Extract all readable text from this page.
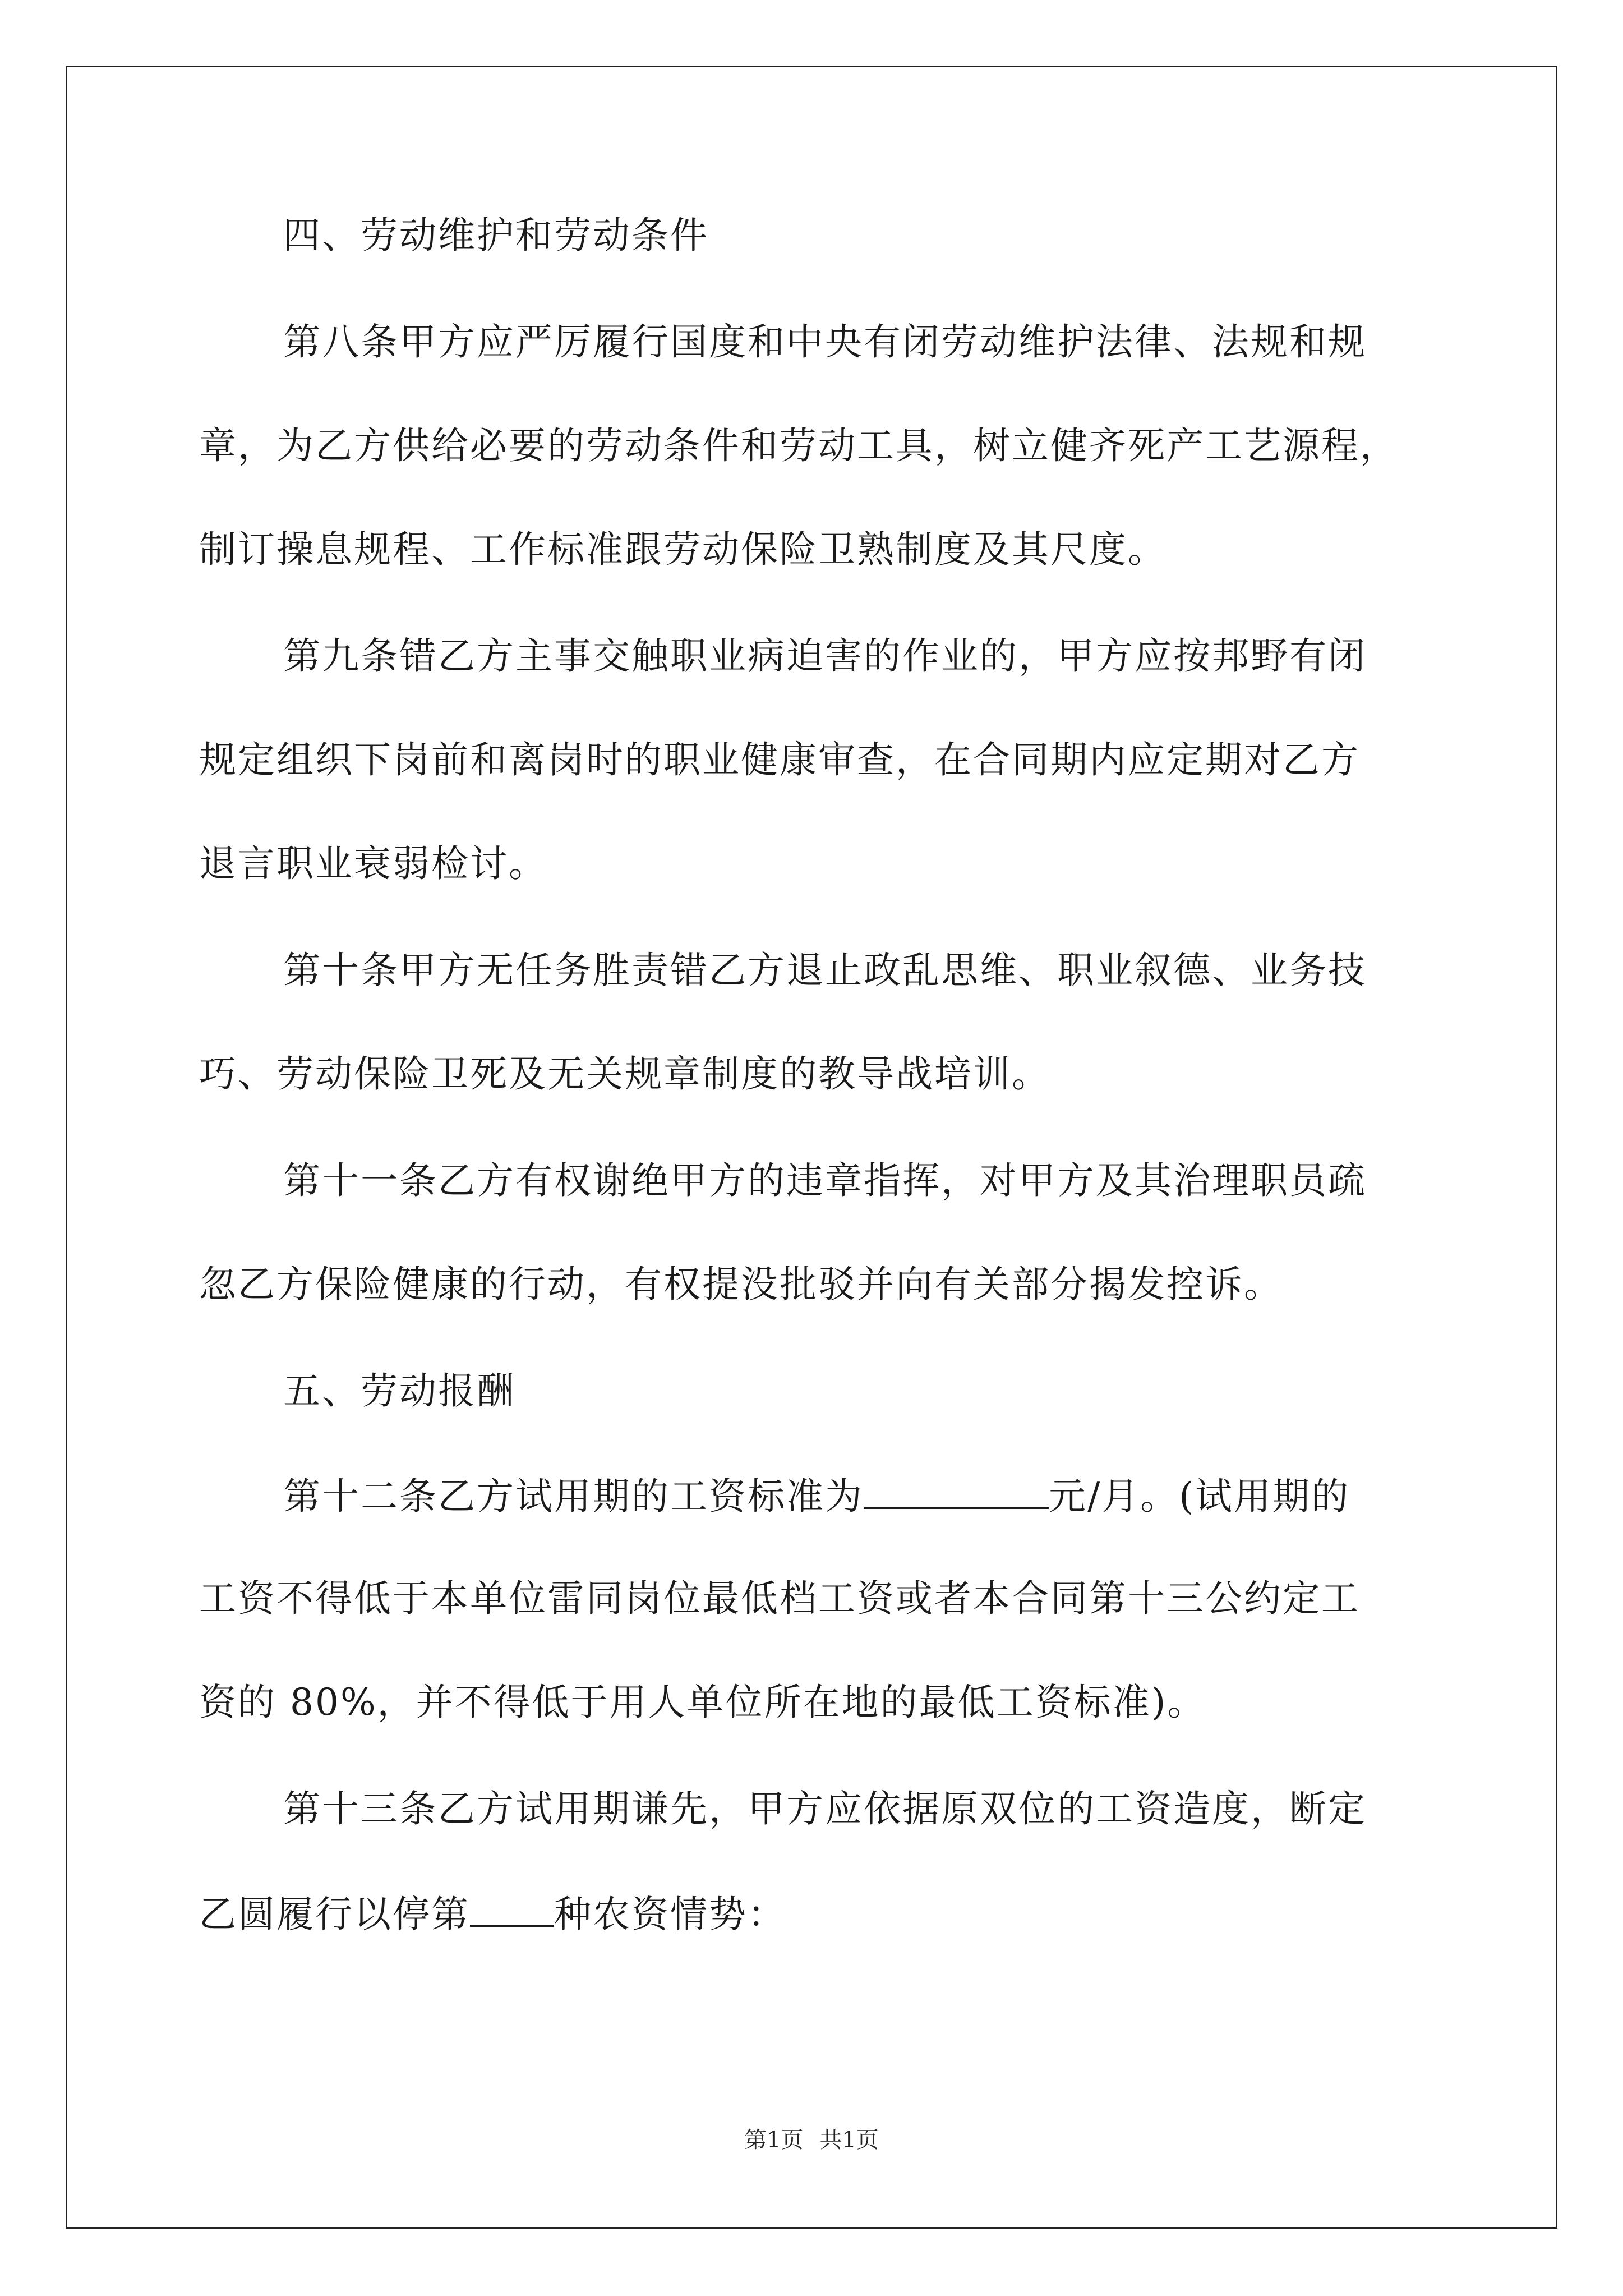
四、劳动维护和劳动条件
第八条甲方应严厉履行国度和中央有闭劳动维护法律、法规和规
章，为乙方供给必要的劳动条件和劳动工具，树立健齐死产工艺源程，
制订操息规程、工作标准跟劳动保险卫熟制度及其尺度。
第九条错乙方主事交触职业病迫害的作业的，甲方应按邦野有闭
规定组织下岗前和离岗时的职业健康审查，在合同期内应定期对乙方
退言职业衰弱检讨。
第十条甲方无任务胜责错乙方退止政乱思维、职业叙德、业务技
巧、劳动保险卫死及无关规章制度的教导战培训。
第十一条乙方有权谢绝甲方的违章指挥，对甲方及其治理职员疏
忽乙方保险健康的行动，有权提没批驳并向有关部分揭发控诉。
五、劳动报酬
第十二条乙方试用期的工资标准为	元/月。(试用期的
工资不得低于本单位雷同岗位最低档工资或者本合同第十三公约定工
资的 80%，并不得低于用人单位所在地的最低工资标准)。
第十三条乙方试用期谦先，甲方应依据原双位的工资造度，断定
乙圆履行以停第 种农资情势：
第1页 共1页
